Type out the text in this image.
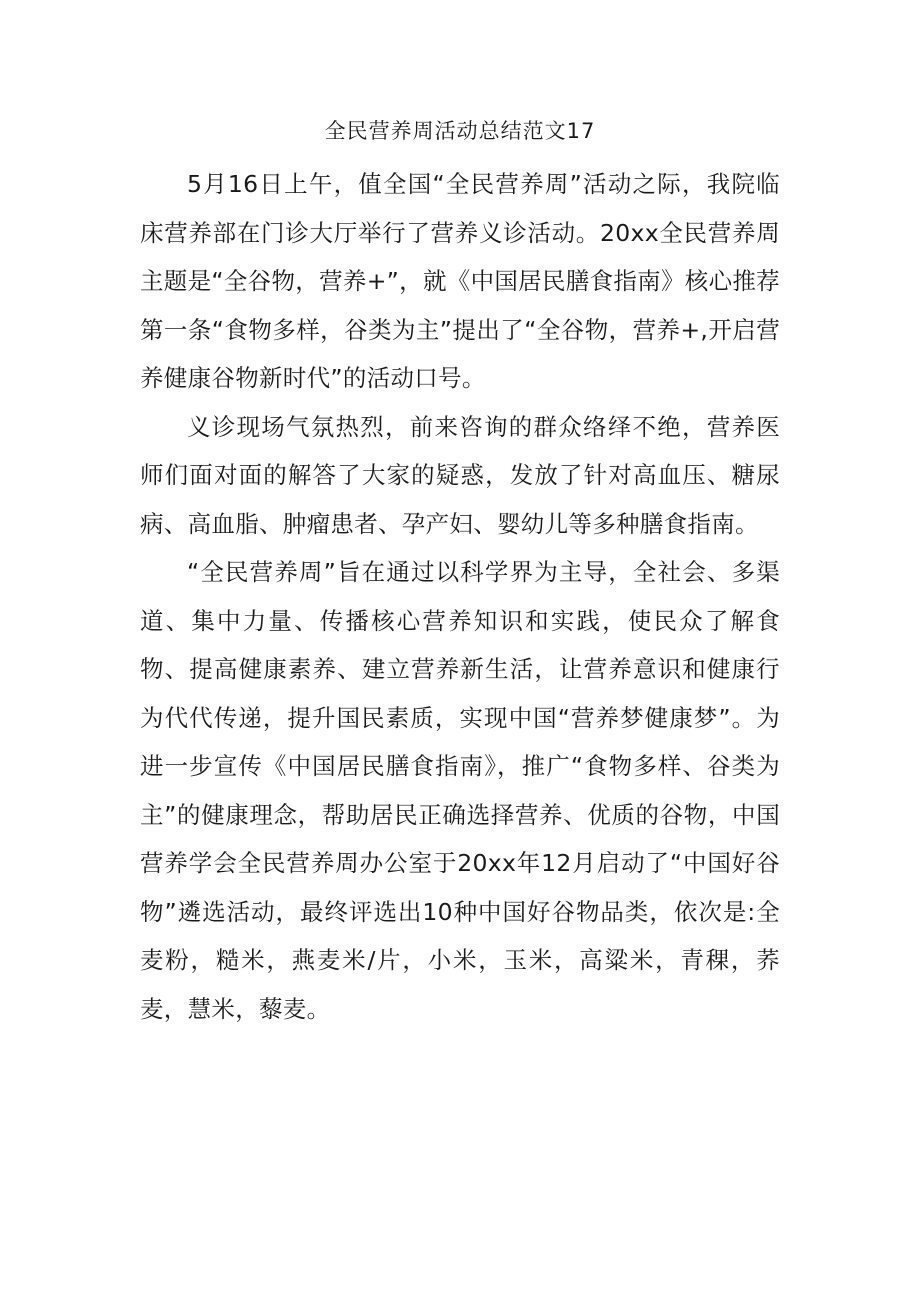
全民营养周活动总结范文17

5月16日上午，值全国“全民营养周”活动之际，我院临床营养部在门诊大厅举行了营养义诊活动。20xx全民营养周主题是“全谷物，营养+”，就《中国居民膳食指南》核心推荐第一条“食物多样，谷类为主”提出了“全谷物，营养+,开启营养健康谷物新时代”的活动口号。

义诊现场气氛热烈，前来咨询的群众络绎不绝，营养医师们面对面的解答了大家的疑惑，发放了针对高血压、糖尿病、高血脂、肿瘤患者、孕产妇、婴幼儿等多种膳食指南。

“全民营养周”旨在通过以科学界为主导，全社会、多渠道、集中力量、传播核心营养知识和实践，使民众了解食物、提高健康素养、建立营养新生活，让营养意识和健康行为代代传递，提升国民素质，实现中国“营养梦健康梦”。为进一步宣传《中国居民膳食指南》，推广“食物多样、谷类为主”的健康理念，帮助居民正确选择营养、优质的谷物，中国营养学会全民营养周办公室于20xx年12月启动了“中国好谷物”遴选活动，最终评选出10种中国好谷物品类，依次是:全麦粉，糙米，燕麦米/片，小米，玉米，高粱米，青稞，荞麦，慧米，藜麦。
